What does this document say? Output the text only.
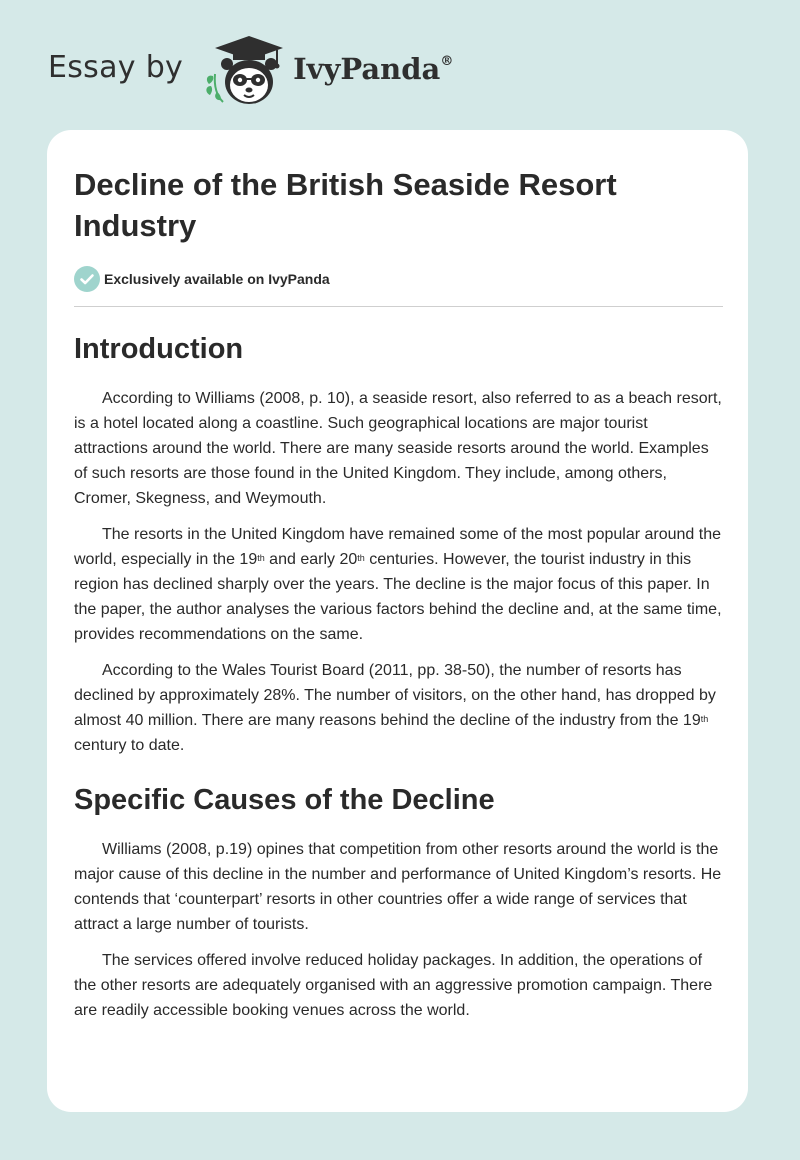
Essay by	IvyPanda®
Decline of the British Seaside Resort Industry
Exclusively available on IvyPanda
Introduction

According to Williams (2008, p. 10), a seaside resort, also referred to as a beach resort, is a hotel located along a coastline. Such geographical locations are major tourist attractions around the world. There are many seaside resorts around the world. Examples of such resorts are those found in the United Kingdom. They include, among others, Cromer, Skegness, and Weymouth.

The resorts in the United Kingdom have remained some of the most popular around the world, especially in the 19th and early 20th centuries. However, the tourist industry in this region has declined sharply over the years. The decline is the major focus of this paper. In the paper, the author analyses the various factors behind the decline and, at the same time, provides recommendations on the same.

According to the Wales Tourist Board (2011, pp. 38-50), the number of resorts has declined by approximately 28%. The number of visitors, on the other hand, has dropped by almost 40 million. There are many reasons behind the decline of the industry from the 19th century to date.

Specific Causes of the Decline

Williams (2008, p.19) opines that competition from other resorts around the world is the major cause of this decline in the number and performance of United Kingdom’s resorts. He contends that ‘counterpart’ resorts in other countries offer a wide range of services that attract a large number of tourists.

The services offered involve reduced holiday packages. In addition, the operations of the other resorts are adequately organised with an aggressive promotion campaign. There are readily accessible booking venues across the world.
